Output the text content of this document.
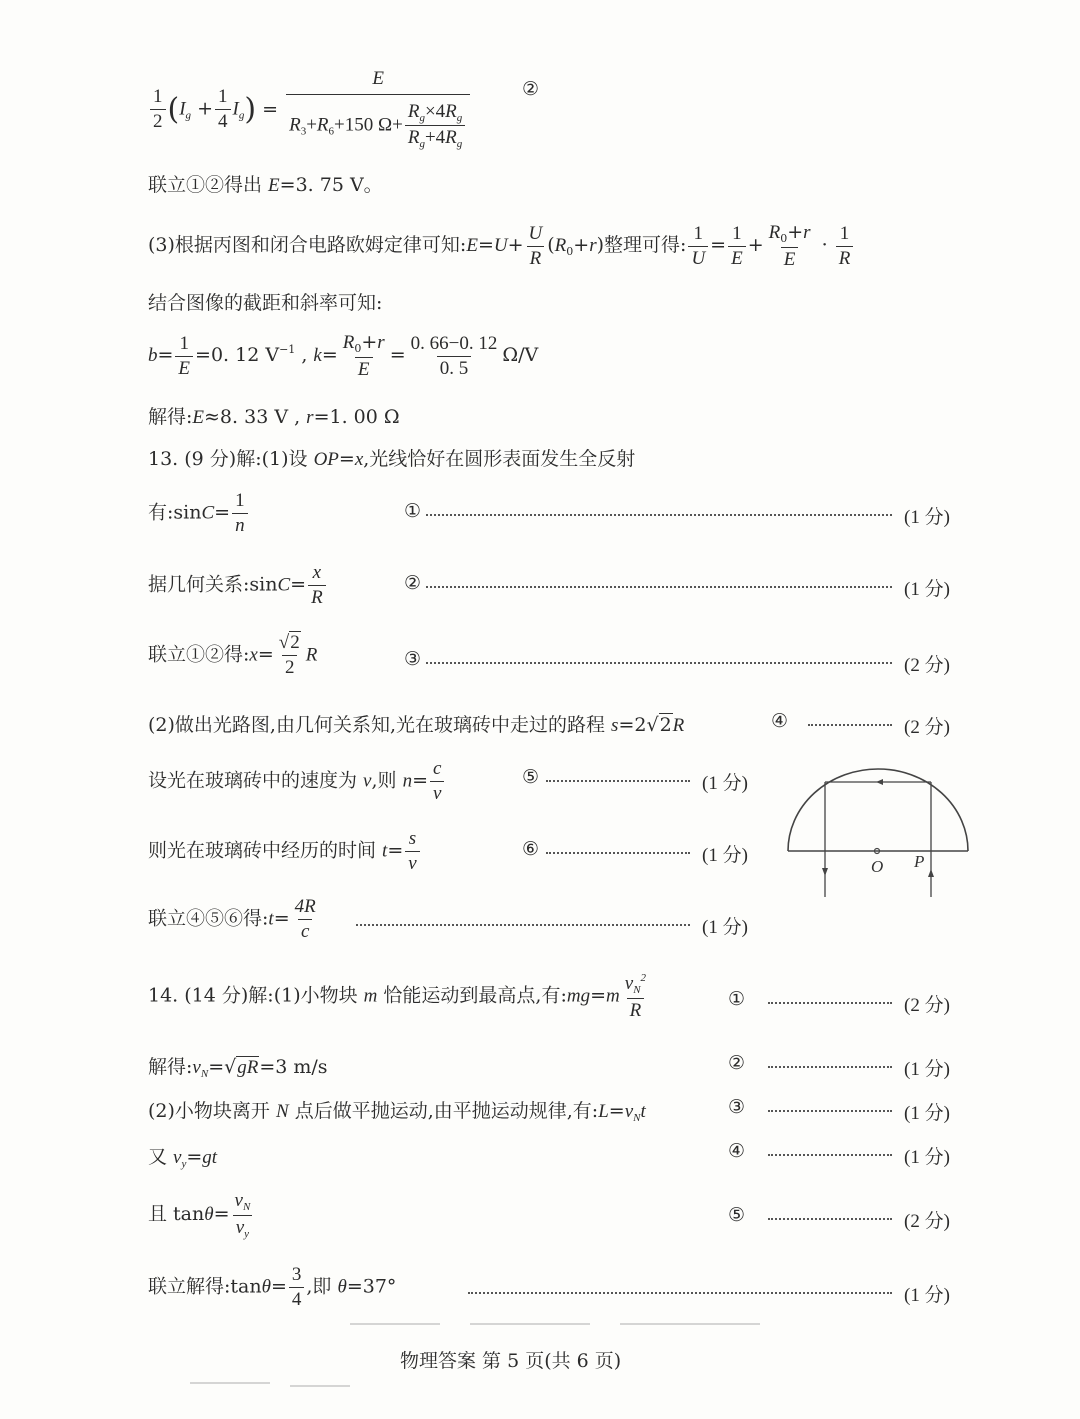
$\frac{1}{2} (I_g + \frac{1}{4} I_g) = \frac{E}{R_3+R_6+150 \Omega+ \frac{R_g\times 4R_g}{R_g+4R_g}}$	②
联立①②得出 E=3. 75 V。
(3)根据丙图和闭合电路欧姆定律可知:E=U+ $\frac{U}{R} (R_0+r)$整理可得: $\frac{1}{U} = \frac{1}{E} + \frac{R_0+r}{E} \cdot \frac{1}{R}$
结合图像的截距和斜率可知:
$b= \frac{1}{E} =0$. 12 $V^{-1}$ , $k= \frac{R_0+r}{E} = \frac{0. 66-0. 12}{0. 5} \Omega/V$
解得:E≈8. 33 V , r=1. 00 Ω
13. (9 分)解:(1)设 OP=x,光线恰好在圆形表面发生全反射
有:sinC= $\frac{1}{n}$	①	(1 分)
据几何关系:sinC= $\frac{x}{R}$	②	(1 分)
联立①②得:x= $\frac{√2}{2}$ R	③	(2 分)
(2)做出光路图,由几何关系知,光在玻璃砖中走过的路程 s=2√2R	④	(2 分)
设光在玻璃砖中的速度为 v,则 $n= \frac{c}{v}$	⑤	(1 分)
则光在玻璃砖中经历的时间 $t= \frac{s}{v}$	⑥	(1 分)
联立④⑤⑥得:t= $\frac{4R}{c}$	(1 分)
O P
14. (14 分)解:(1)小物块 m 恰能运动到最高点,有:mg=m $\frac{v_N^2}{R}$	①	(2 分)
解得$:v_N=√gR=3$ m/s	②	(1 分)
(2)小物块离开 N 点后做平抛运动,由平抛运动规律,有$:L=v_Nt$	③	(1 分)
又 $v_y=gt$	④	(1 分)
且 $\tan\theta= \frac{v_N}{v_y}$	⑤	(2 分)
联立解得:tanθ= $\frac{3}{4}$ ,即 θ=37°	(1 分)
物理答案 第 5 页(共 6 页)
